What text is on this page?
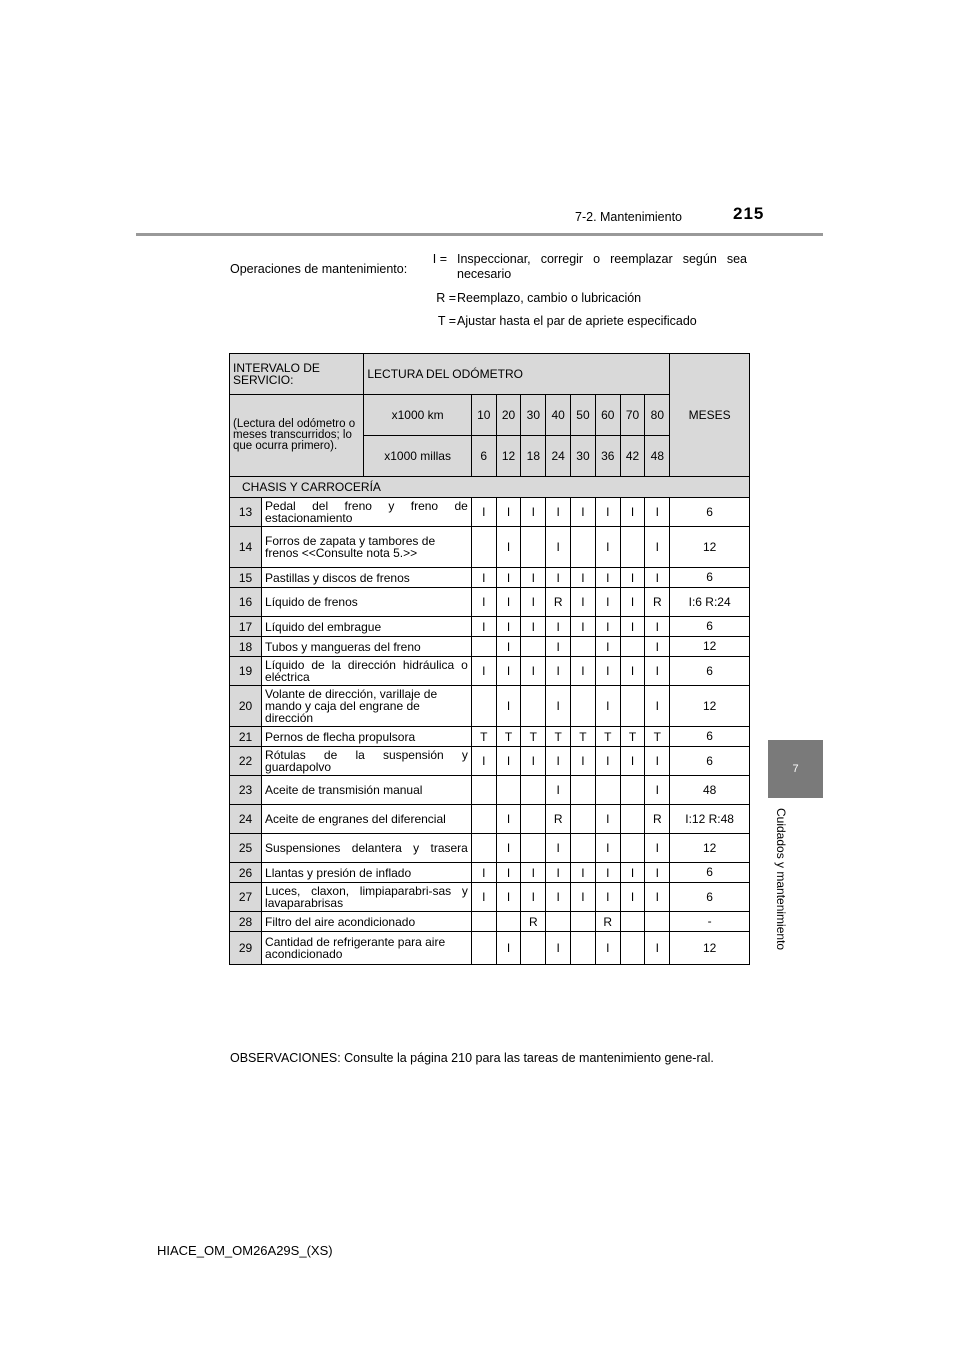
7-2. Mantenimiento	215
7
Cuidados y mantenimiento
Operaciones de mantenimiento:
I = Inspeccionar, corregir o reemplazar según sea necesario
R = Reemplazo, cambio o lubricación
T = Ajustar hasta el par de apriete especificado
INTERVALO DE SERVICIO:		LECTURA DEL ODÓMETRO									MESES
(Lectura del odómetro o meses transcurridos; lo que ocurra primero).		x1000 km	10	20	30	40	50	60	70	80	
		x1000 millas	6	12	18	24	30	36	42	48	
CHASIS Y CARROCERÍA											
13	Pedal del freno y freno de estacionamiento		I	I	I	I	I	I	I	I	6
14	Forros de zapata y tambores de frenos <<Consulte nota 5.>>			I		I		I		I	12
15	Pastillas y discos de frenos		I	I	I	I	I	I	I	I	6
16	Líquido de frenos		I	I	I	R	I	I	I	R	I:6 R:24
17	Líquido del embrague		I	I	I	I	I	I	I	I	6
18	Tubos y mangueras del freno			I		I		I		I	12
19	Líquido de la dirección hidráulica o eléctrica		I	I	I	I	I	I	I	I	6
20	Volante de dirección, varillaje de mando y caja del engrane de dirección			I		I		I		I	12
21	Pernos de flecha propulsora		T	T	T	T	T	T	T	T	6
22	Rótulas de la suspensión y guardapolvo		I	I	I	I	I	I	I	I	6
23	Aceite de transmisión manual					I				I	48
24	Aceite de engranes del diferencial			I		R		I		R	I:12 R:48
25	Suspensiones delantera y trasera			I		I		I		I	12
26	Llantas y presión de inflado		I	I	I	I	I	I	I	I	6
27	Luces, claxon, limpiaparabri-sas y lavaparabrisas		I	I	I	I	I	I	I	I	6
28	Filtro del aire acondicionado				R			R			-
29	Cantidad de refrigerante para aire acondicionado			I		I		I		I	12
OBSERVACIONES: Consulte la página 210 para las tareas de mantenimiento gene-ral.
HIACE_OM_OM26A29S_(XS)
